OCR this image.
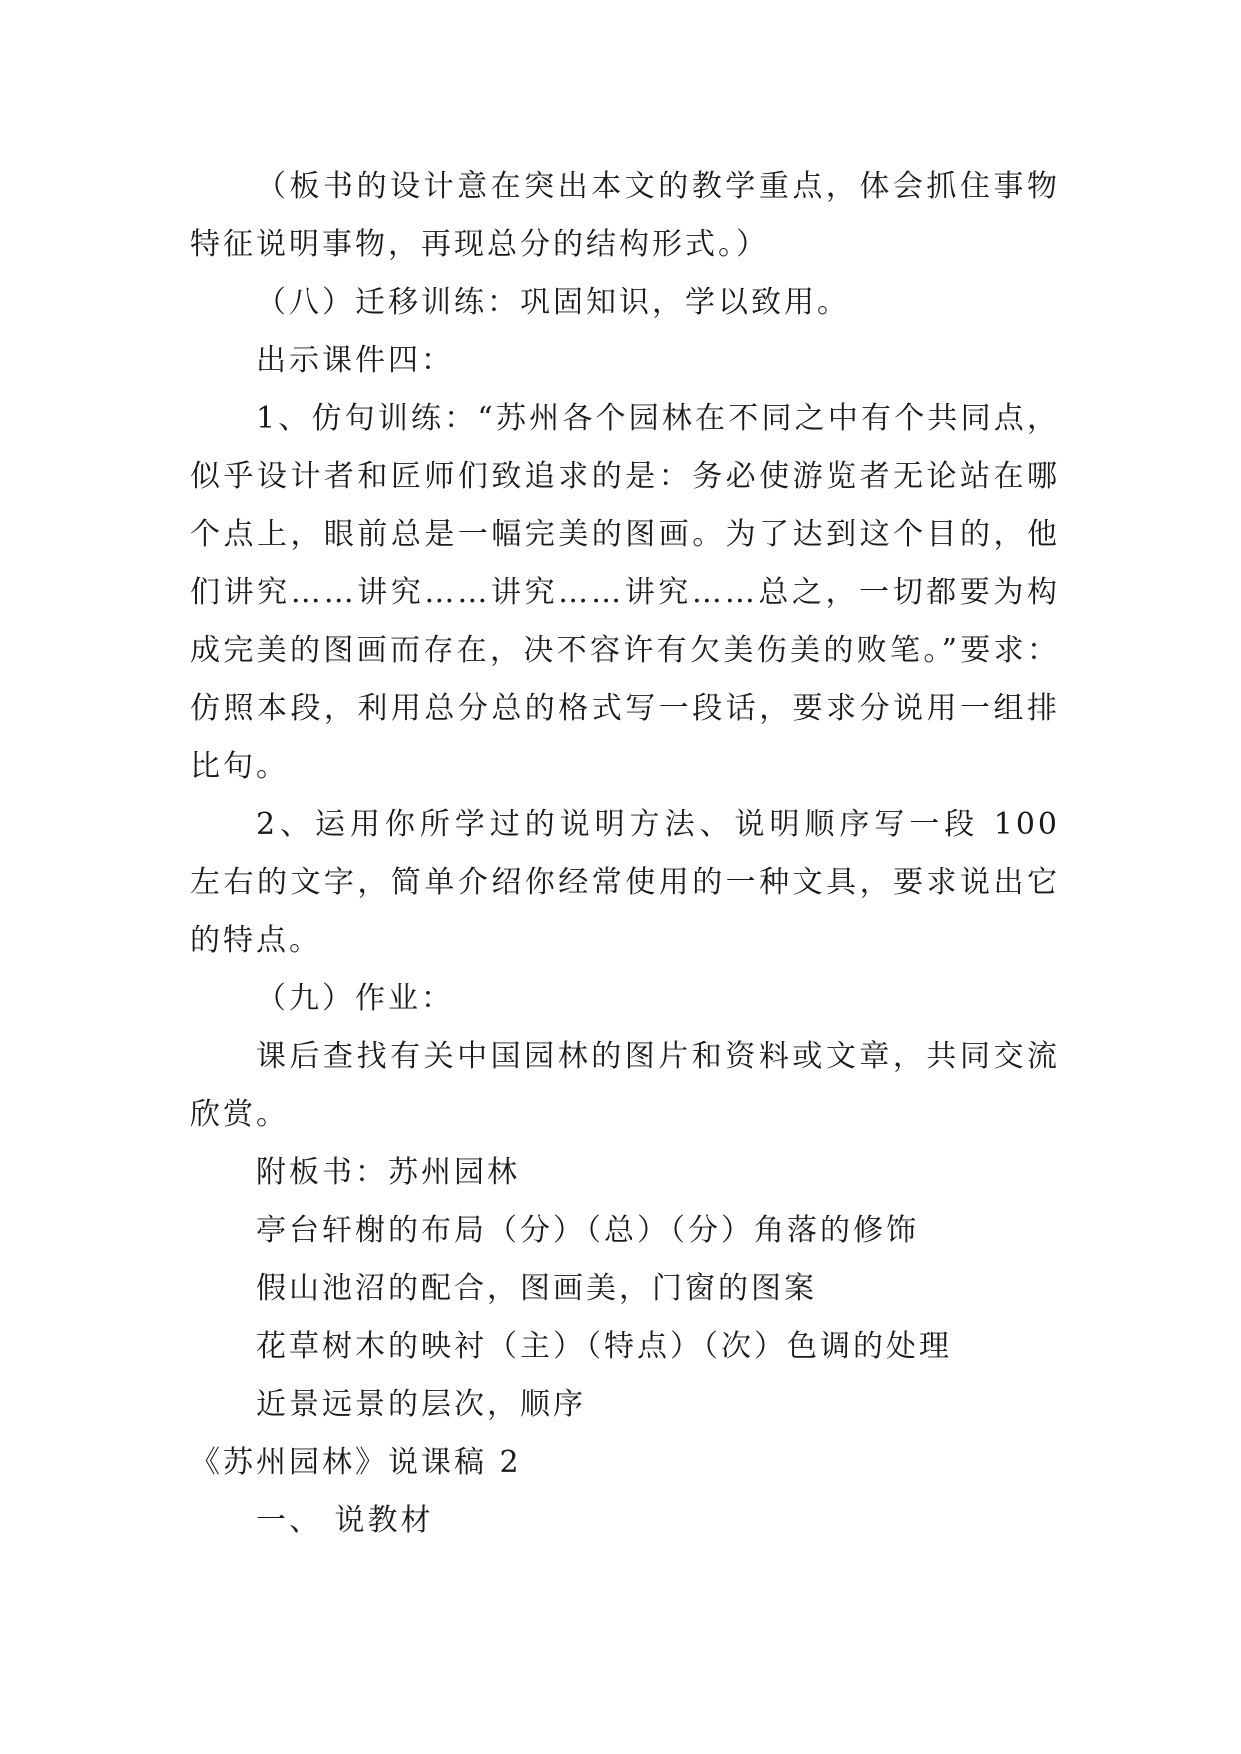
（板书的设计意在突出本文的教学重点，体会抓住事物
特征说明事物，再现总分的结构形式。）
（八）迁移训练：巩固知识，学以致用。
出示课件四：
1、仿句训练：“苏州各个园林在不同之中有个共同点，
似乎设计者和匠师们致追求的是：务必使游览者无论站在哪
个点上，眼前总是一幅完美的图画。为了达到这个目的，他
们讲究……讲究……讲究……讲究……总之，一切都要为构
成完美的图画而存在，决不容许有欠美伤美的败笔。”要求：
仿照本段，利用总分总的格式写一段话，要求分说用一组排
比句。
2、运用你所学过的说明方法、说明顺序写一段 100
左右的文字，简单介绍你经常使用的一种文具，要求说出它
的特点。
（九）作业：
课后查找有关中国园林的图片和资料或文章，共同交流
欣赏。
附板书：苏州园林
亭台轩榭的布局（分）（总）（分）角落的修饰
假山池沼的配合，图画美，门窗的图案
花草树木的映衬（主）（特点）（次）色调的处理
近景远景的层次，顺序
《苏州园林》说课稿 2
一、 说教材
